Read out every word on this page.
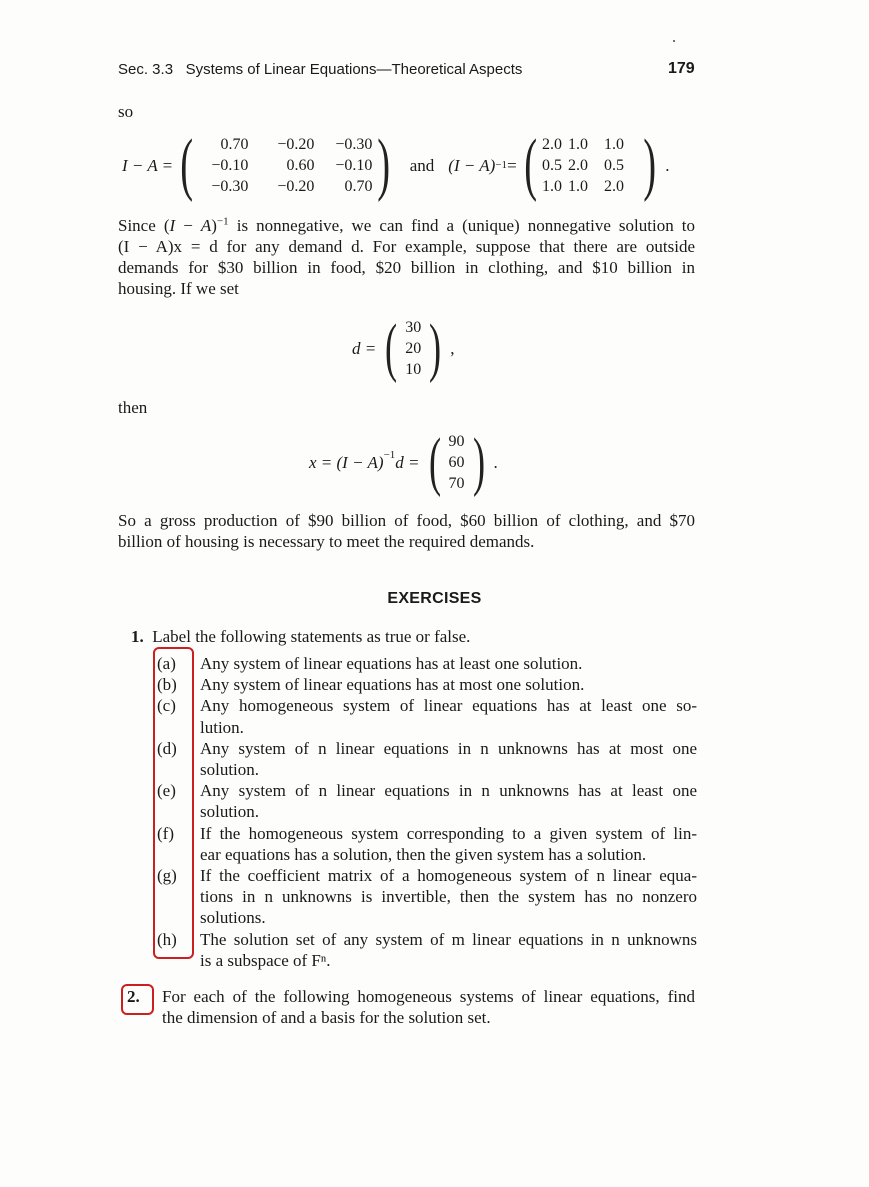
Sec. 3.3 Systems of Linear Equations—Theoretical Aspects	179
so
I − A = (	0.70	−0.20	−0.30
−0.10	0.60	−0.10
−0.30	−0.20	0.70 ) and (I − A) −1 = ( 2.0 1.0	1.0
0.5 2.0	0.5
1.0 1.0	2.0 ) .
Since $(I - A)^{-1}$ is nonnegative, we can find a (unique) nonnegative solution to
(I − A)x = d for any demand d. For example, suppose that there are outside
demands for $30 billion in food, $20 billion in clothing, and $10 billion in
housing. If we set
d = ( 30
20
10 ) ,
then
$x = (I - A)^{-1}$ d = ( 90
60
70 ) .
So a gross production of $90 billion of food, $60 billion of clothing, and $70
billion of housing is necessary to meet the required demands.
EXERCISES
1. Label the following statements as true or false.
(a)	Any system of linear equations has at least one solution.
(b)	Any system of linear equations has at most one solution.
(c)	Any homogeneous system of linear equations has at least one so-
lution.
(d)	Any system of n linear equations in n unknowns has at most one
solution.
(e)	Any system of n linear equations in n unknowns has at least one
solution.
(f)	If the homogeneous system corresponding to a given system of lin-
ear equations has a solution, then the given system has a solution.
(g)	If the coefficient matrix of a homogeneous system of n linear equa-
tions in n unknowns is invertible, then the system has no nonzero
solutions.
(h)	The solution set of any system of m linear equations in n unknowns
is a subspace of Fⁿ.
2.	For each of the following homogeneous systems of linear equations, find
the dimension of and a basis for the solution set.
